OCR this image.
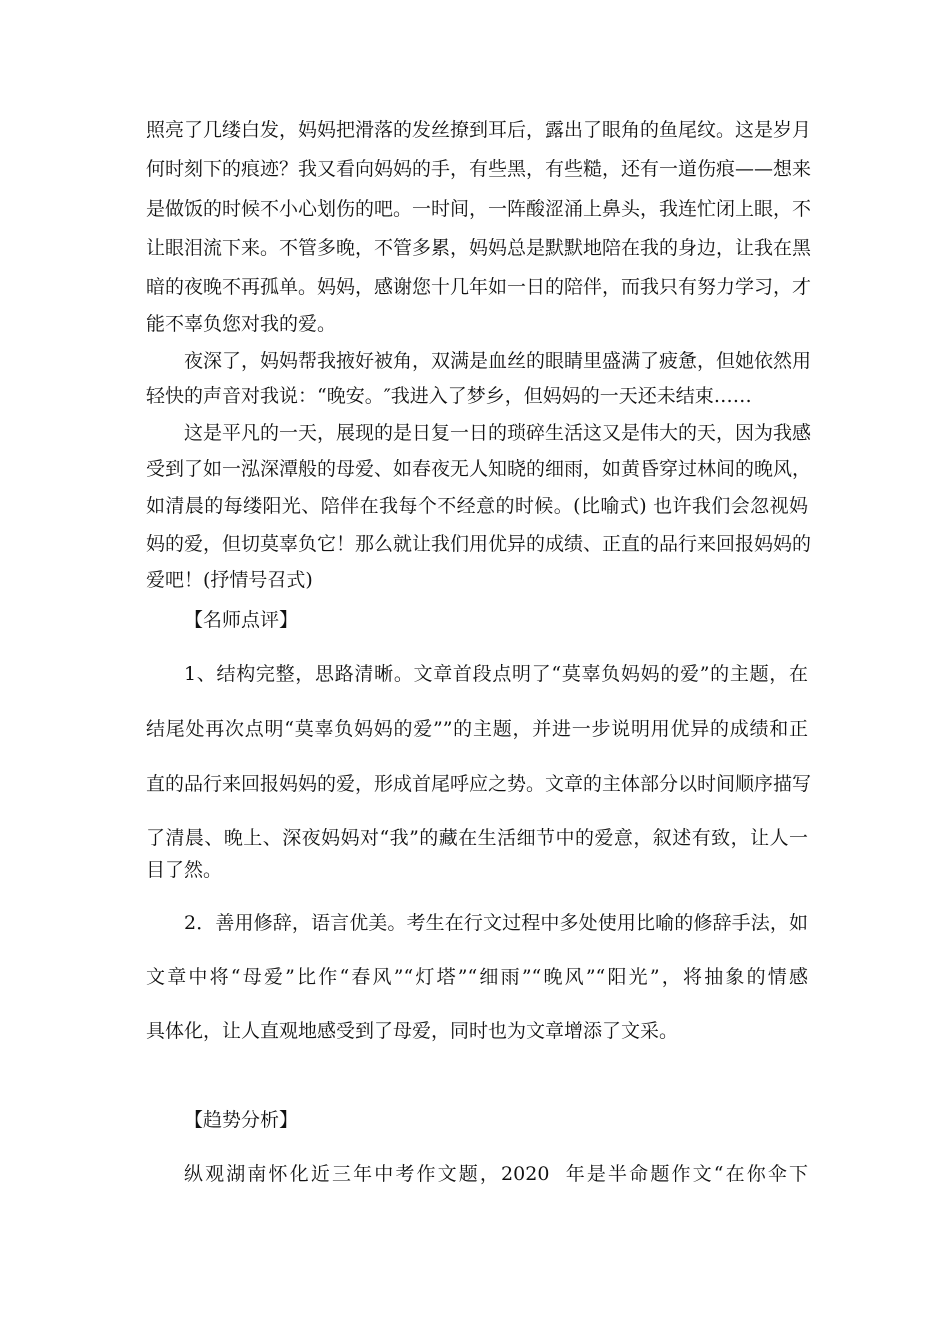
照亮了几缕白发，妈妈把滑落的发丝撩到耳后，露出了眼角的鱼尾纹。这是岁月
何时刻下的痕迹？我又看向妈妈的手，有些黑，有些糙，还有一道伤痕——想来
是做饭的时候不小心划伤的吧。一时间，一阵酸涩涌上鼻头，我连忙闭上眼，不
让眼泪流下来。不管多晚，不管多累，妈妈总是默默地陪在我的身边，让我在黑
暗的夜晚不再孤单。妈妈，感谢您十几年如一日的陪伴，而我只有努力学习，才
能不辜负您对我的爱。
夜深了，妈妈帮我掖好被角，双满是血丝的眼睛里盛满了疲惫，但她依然用
轻快的声音对我说：“晚安。″我进入了梦乡，但妈妈的一天还未结束……
这是平凡的一天，展现的是日复一日的琐碎生活这又是伟大的天，因为我感
受到了如一泓深潭般的母爱、如春夜无人知晓的细雨，如黄昏穿过林间的晚风，
如清晨的每缕阳光、陪伴在我每个不经意的时候。(比喻式) 也许我们会忽视妈
妈的爱，但切莫辜负它！那么就让我们用优异的成绩、正直的品行来回报妈妈的
爱吧！(抒情号召式)
【名师点评】
1、结构完整，思路清晰。文章首段点明了“莫辜负妈妈的爱”的主题，在
结尾处再次点明“莫辜负妈妈的爱””的主题，并进一步说明用优异的成绩和正
直的品行来回报妈妈的爱，形成首尾呼应之势。文章的主体部分以时间顺序描写
了清晨、晚上、深夜妈妈对“我”的藏在生活细节中的爱意，叙述有致，让人一
目了然。
2．善用修辞，语言优美。考生在行文过程中多处使用比喻的修辞手法，如
文章中将“母爱”比作“春风”“灯塔”“细雨”“晚风”“阳光”，将抽象的情感
具体化，让人直观地感受到了母爱，同时也为文章增添了文采。
【趋势分析】
纵观湖南怀化近三年中考作文题，2020  年是半命题作文“在你伞下
